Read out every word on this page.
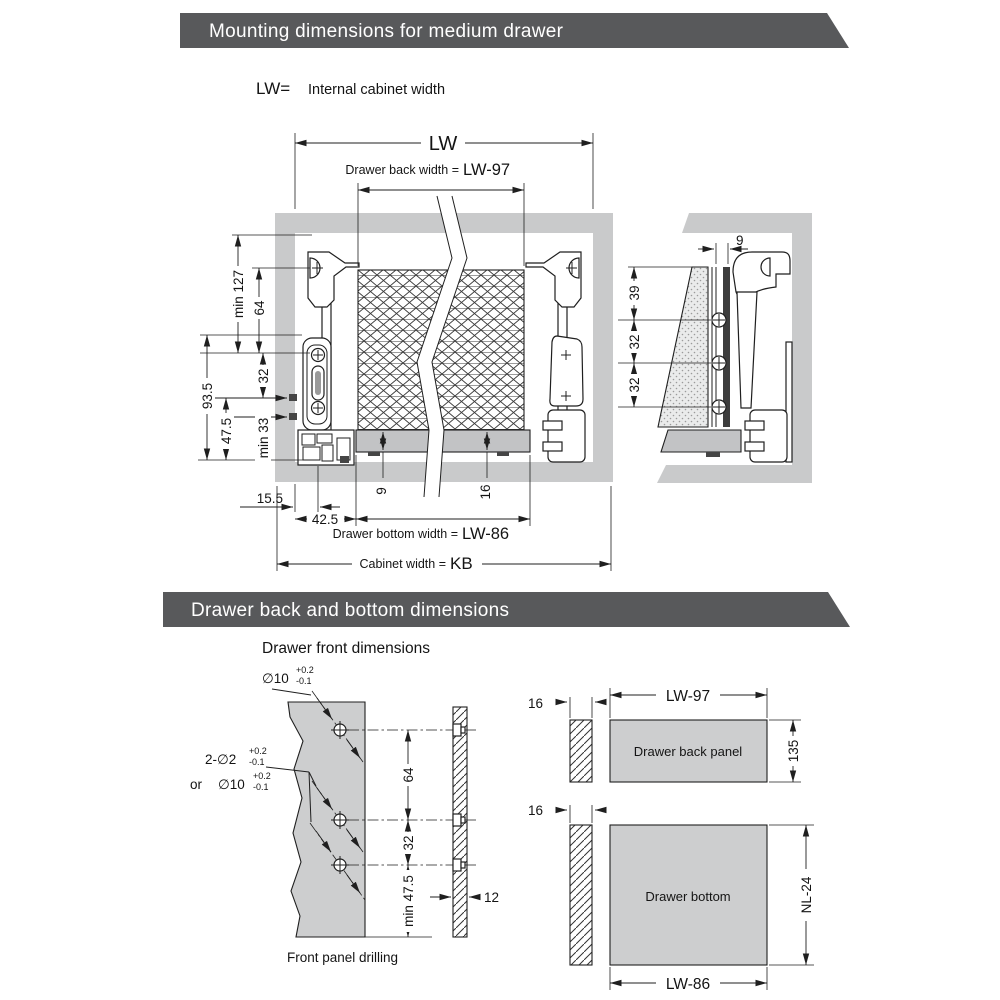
Mounting dimensions for medium drawer
LW= Internal cabinet width
LW
Drawer back width = LW-97
min 127 64
32
93.5
47.5 min 33
15.5
42.5
Drawer bottom width = LW-86
9	16
Cabinet width = KB
9
39
32
32
Drawer back and bottom dimensions
Drawer front dimensions
∅10
+0.2
-0.1
2-∅2
+0.2
-0.1
or ∅10
+0.2
-0.1
64
32
min 47.5	12
Front panel drilling
16	LW-97
Drawer back panel	135
16
Drawer bottom	NL-24
LW-86
